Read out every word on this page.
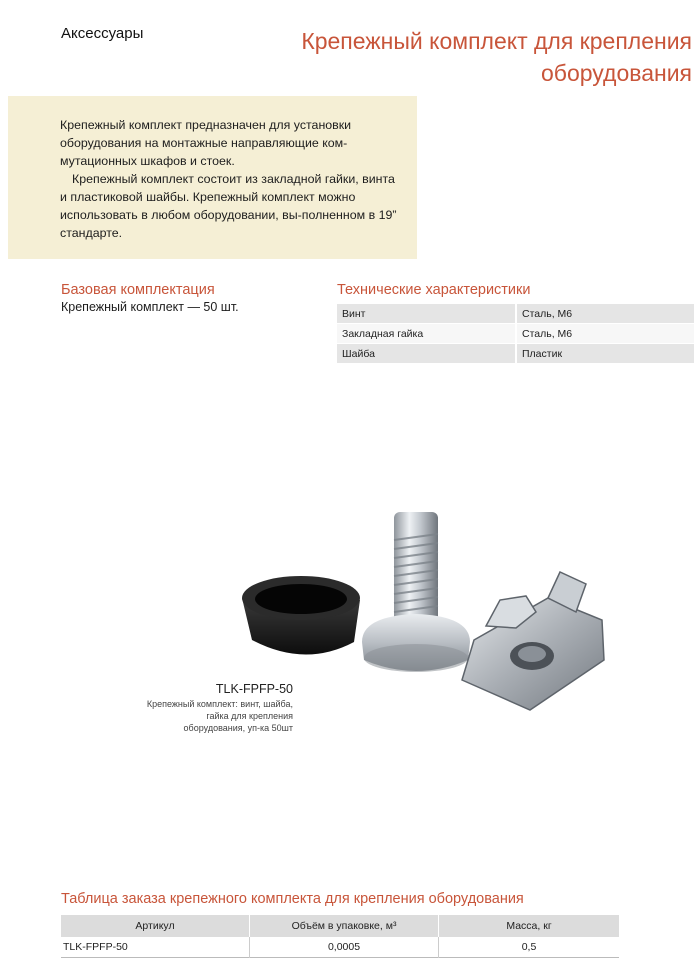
Аксессуары	Крепежный комплект для крепления оборудования

Крепежный комплект предназначен для установки оборудования на монтажные направляющие ком-мутационных шкафов и стоек.

Крепежный комплект состоит из закладной гайки, винта и пластиковой шайбы. Крепежный комплект можно использовать в любом оборудовании, вы-полненном в 19” стандарте.

Базовая комплектация
Крепежный комплект — 50 шт.
Технические характеристики
Винт	Сталь, М6
Закладная гайка	Сталь, М6
Шайба	Пластик
TLK-FPFP-50
Крепежный комплект: винт, шайба, гайка для крепления оборудования, уп-ка 50шт
Таблица заказа крепежного комплекта для крепления оборудования
Артикул	Объём в упаковке, м³	Масса, кг
TLK-FPFP-50	0,0005	0,5
